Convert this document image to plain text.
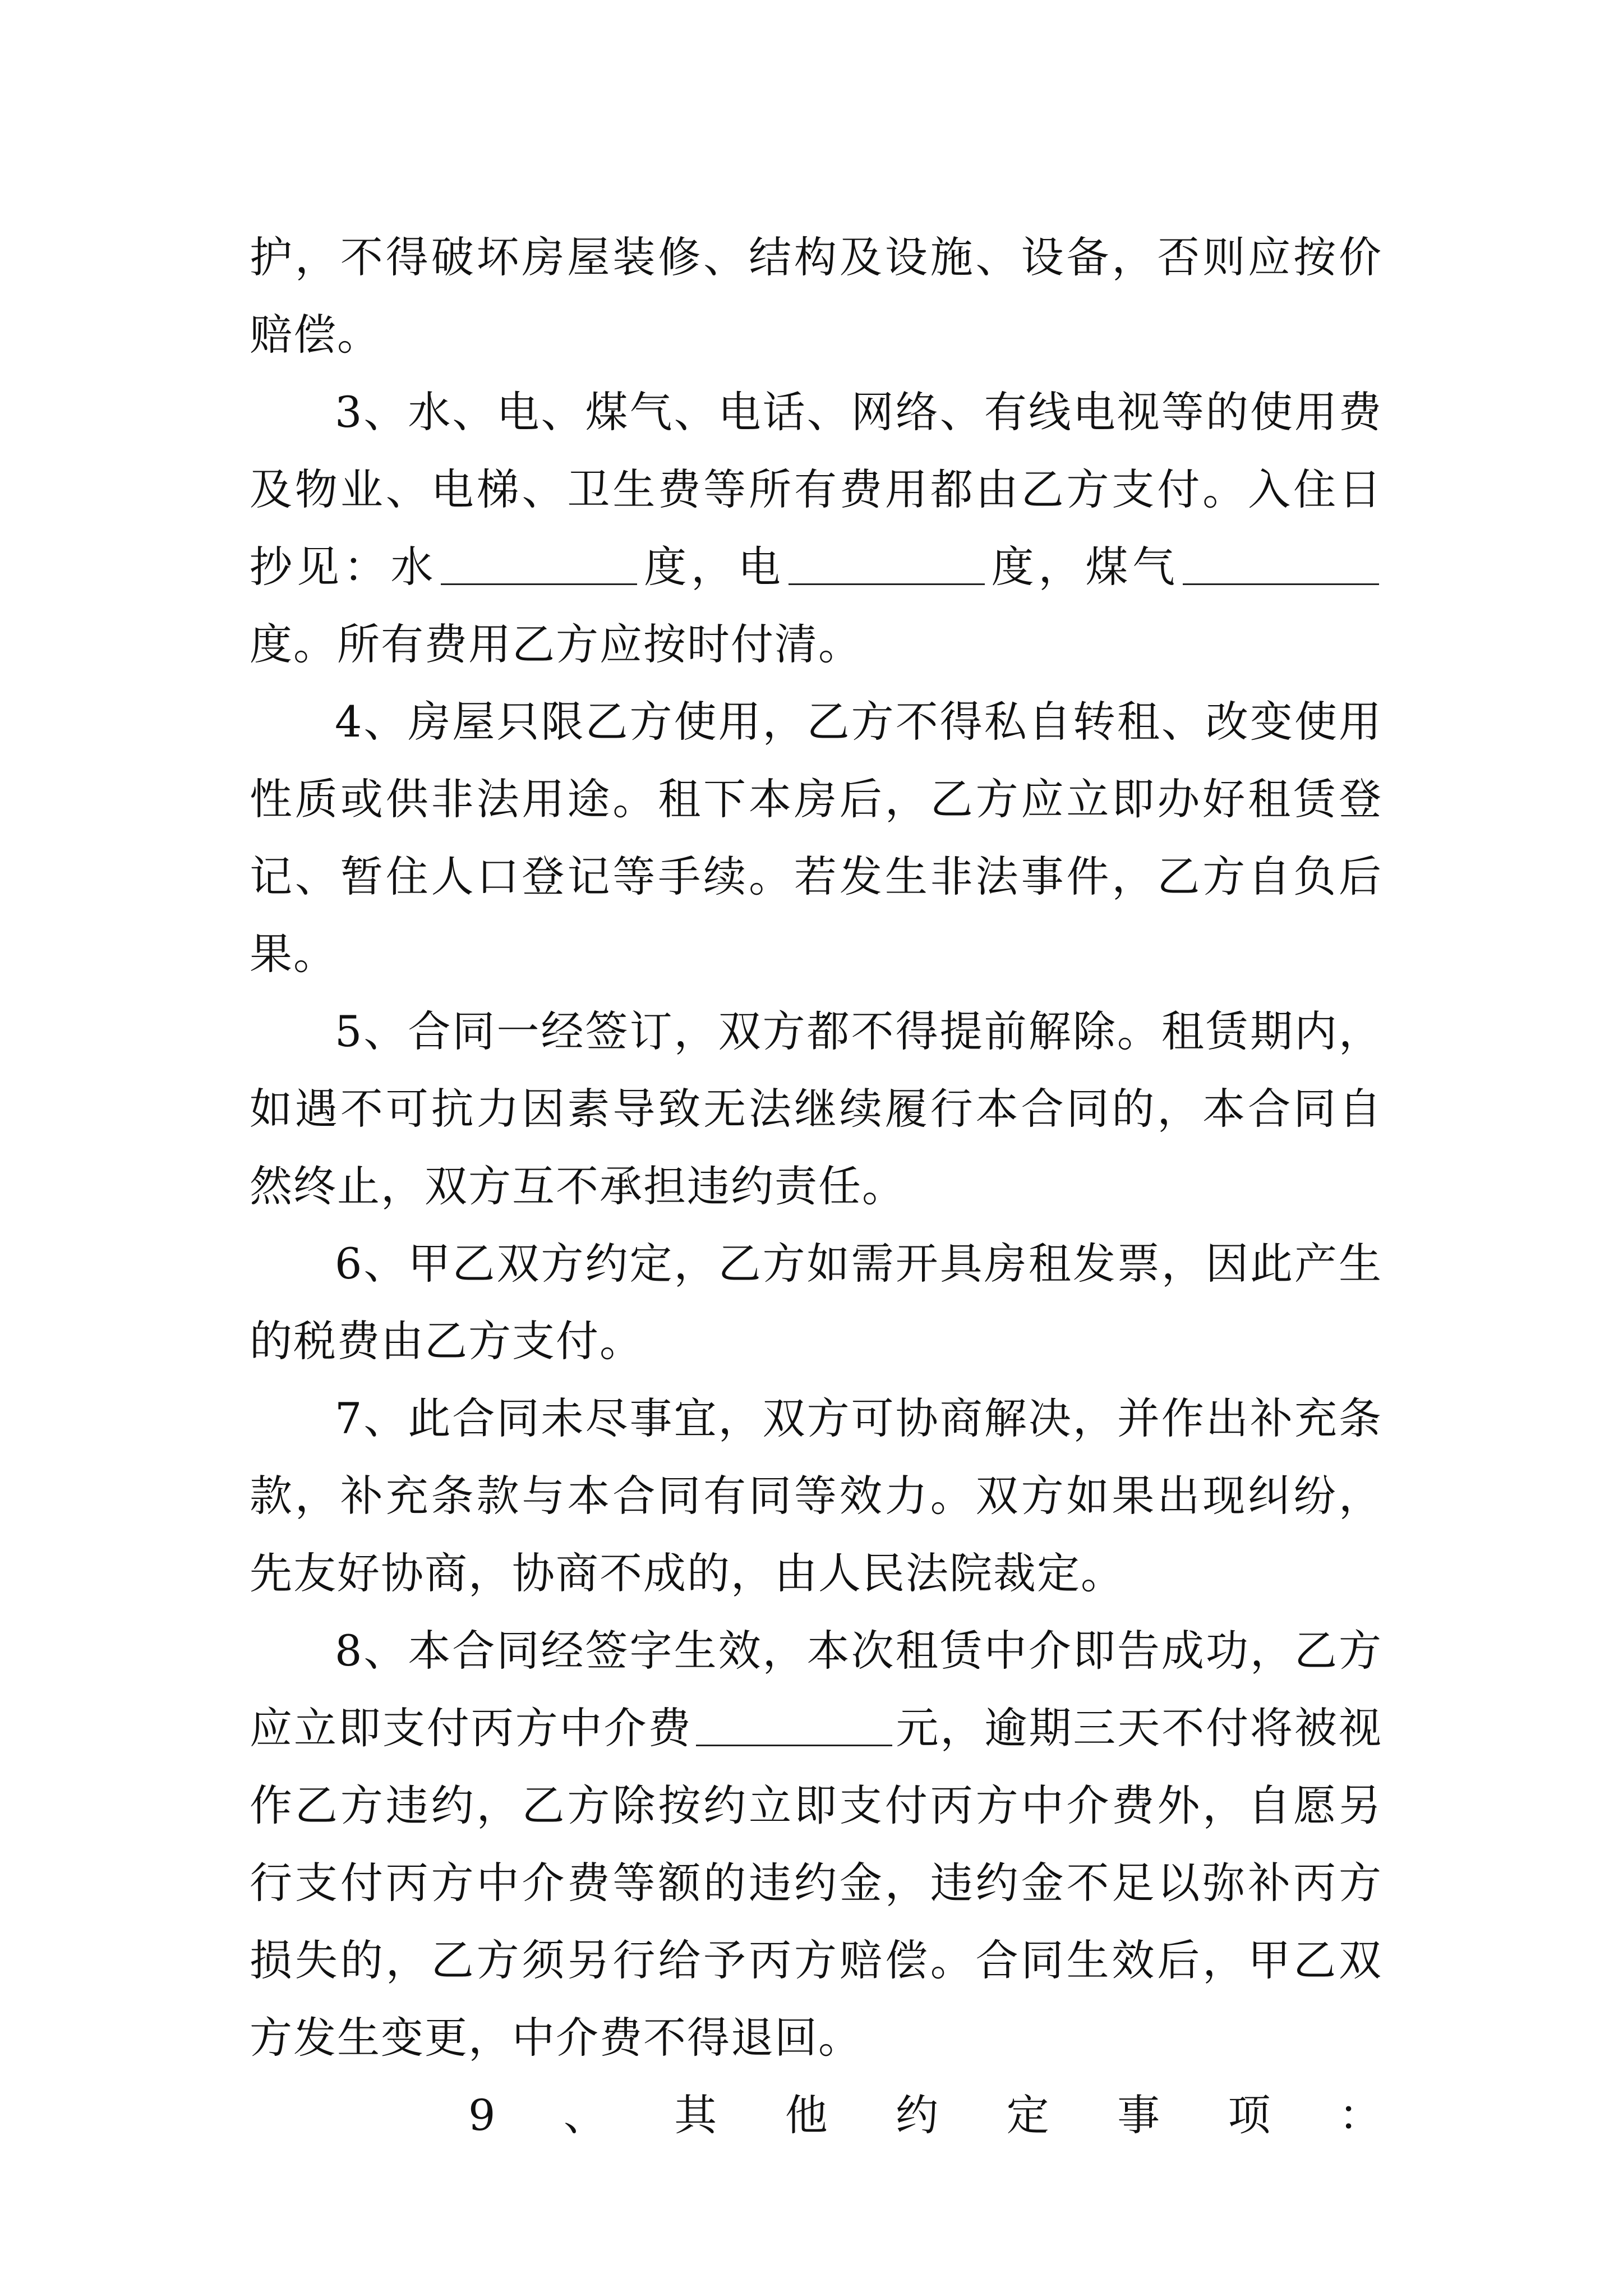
护，不得破坏房屋装修、结构及设施、设备，否则应按价赔偿。

3、水、电、煤气、电话、网络、有线电视等的使用费及物业、电梯、卫生费等所有费用都由乙方支付。入住日抄见：水	度，电	度，煤气度。所有费用乙方应按时付清。

4、房屋只限乙方使用，乙方不得私自转租、改变使用性质或供非法用途。租下本房后，乙方应立即办好租赁登记、暂住人口登记等手续。若发生非法事件，乙方自负后果。

5、合同一经签订，双方都不得提前解除。租赁期内，如遇不可抗力因素导致无法继续履行本合同的，本合同自然终止，双方互不承担违约责任。

6、甲乙双方约定，乙方如需开具房租发票，因此产生的税费由乙方支付。

7、此合同未尽事宜，双方可协商解决，并作出补充条款，补充条款与本合同有同等效力。双方如果出现纠纷，先友好协商，协商不成的，由人民法院裁定。

8、本合同经签字生效，本次租赁中介即告成功，乙方应立即支付丙方中介费	元，逾期三天不付将被视作乙方违约，乙方除按约立即支付丙方中介费外，自愿另行支付丙方中介费等额的违约金，违约金不足以弥补丙方损失的，乙方须另行给予丙方赔偿。合同生效后，甲乙双方发生变更，中介费不得退回。

9 、 其 他 约 定 事 项 ：
